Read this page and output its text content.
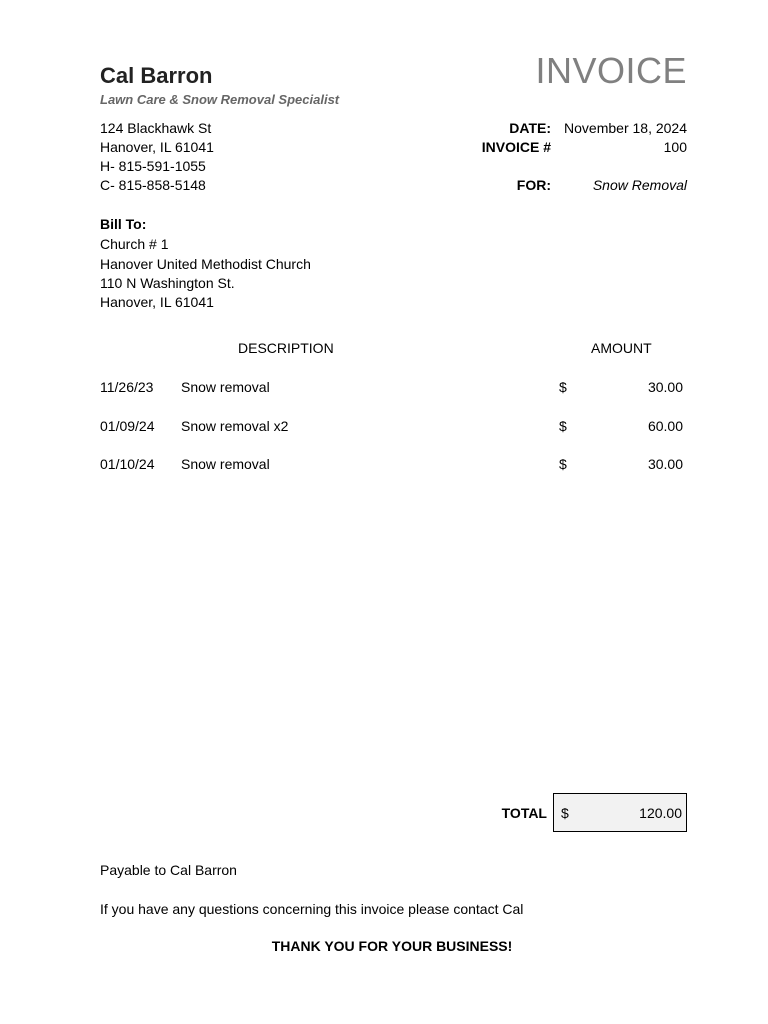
Cal Barron
Lawn Care & Snow Removal Specialist
INVOICE
124 Blackhawk St
Hanover, IL 61041
H- 815-591-1055
C- 815-858-5148
DATE: November 18, 2024
INVOICE #	100
FOR:	Snow Removal
Bill To:
Church # 1
Hanover United Methodist Church
110 N Washington St.
Hanover, IL 61041
DESCRIPTION	AMOUNT
11/26/23 Snow removal	$	30.00
01/09/24 Snow removal x2	$	60.00
01/10/24 Snow removal	$	30.00
TOTAL $	120.00
Payable to Cal Barron
If you have any questions concerning this invoice please contact Cal
THANK YOU FOR YOUR BUSINESS!
